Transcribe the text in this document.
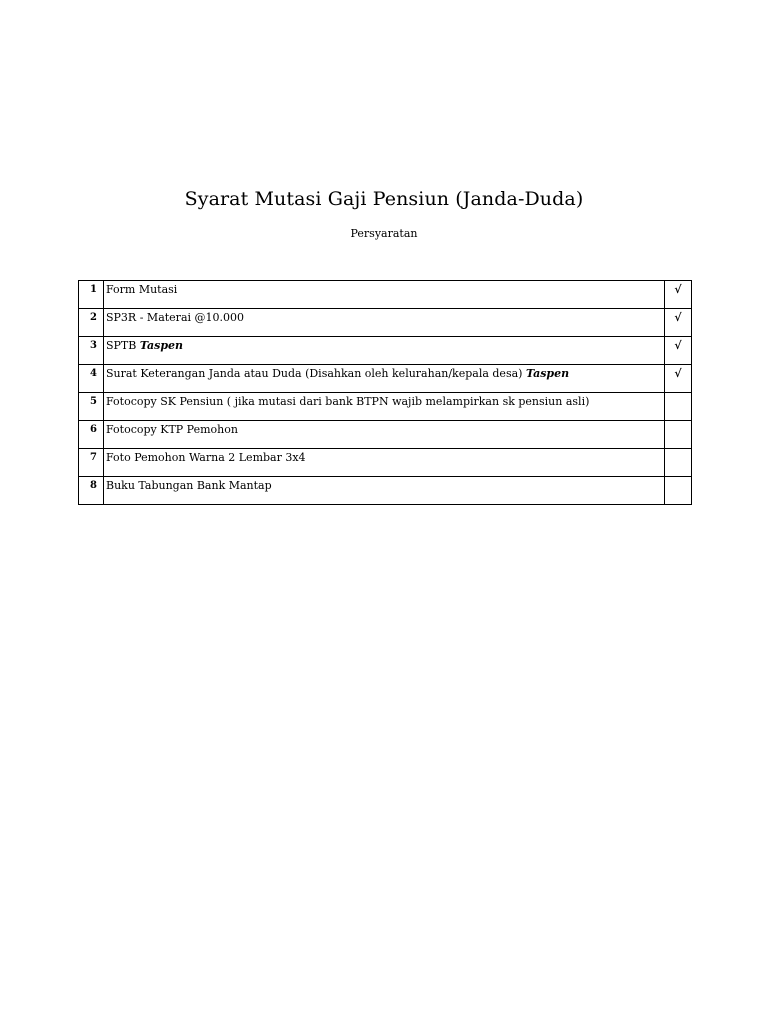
Syarat Mutasi Gaji Pensiun (Janda-Duda)
Persyaratan
1	Form Mutasi	√
2	SP3R - Materai @10.000	√
3	SPTB Taspen	√
4	Surat Keterangan Janda atau Duda (Disahkan oleh kelurahan/kepala desa) Taspen	√
5	Fotocopy SK Pensiun ( jika mutasi dari bank BTPN wajib melampirkan sk pensiun asli)	
6	Fotocopy KTP Pemohon	
7	Foto Pemohon Warna 2 Lembar 3x4	
8	Buku Tabungan Bank Mantap	
